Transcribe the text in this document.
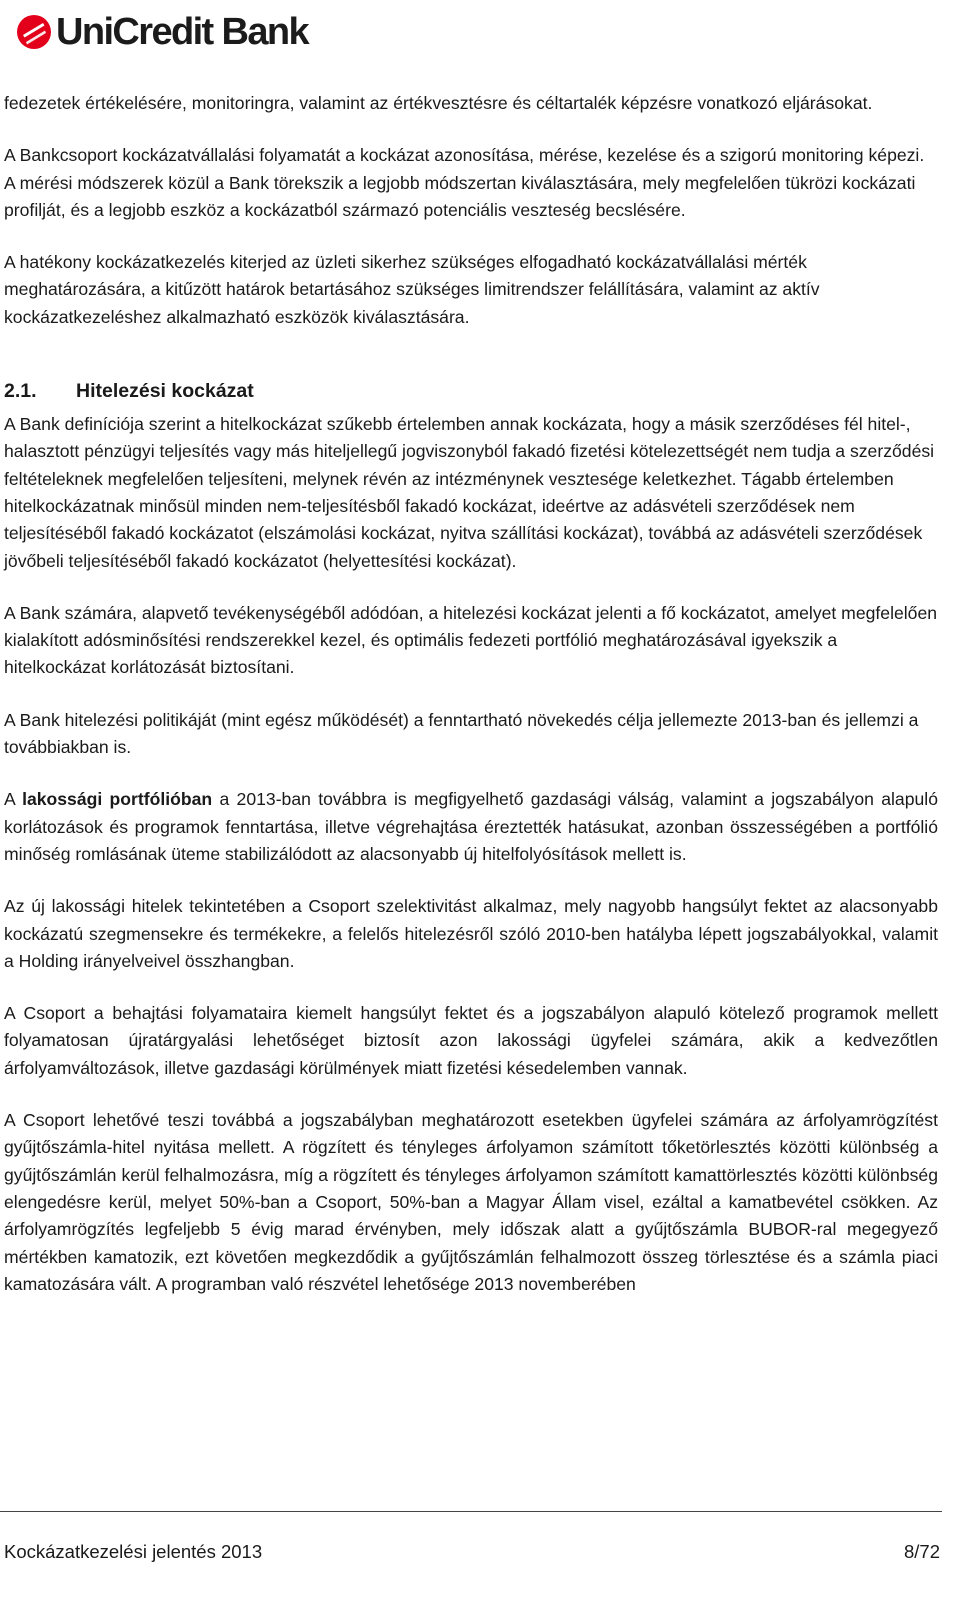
UniCredit Bank

fedezetek értékelésére, monitoringra, valamint az értékvesztésre és céltartalék képzésre vonatkozó eljárásokat.

A Bankcsoport kockázatvállalási folyamatát a kockázat azonosítása, mérése, kezelése és a szigorú monitoring képezi. A mérési módszerek közül a Bank törekszik a legjobb módszertan kiválasztására, mely megfelelően tükrözi kockázati profilját, és a legjobb eszköz a kockázatból származó potenciális veszteség becslésére.

A hatékony kockázatkezelés kiterjed az üzleti sikerhez szükséges elfogadható kockázatvállalási mérték meghatározására, a kitűzött határok betartásához szükséges limitrendszer felállítására, valamint az aktív kockázatkezeléshez alkalmazható eszközök kiválasztására.

2.1. Hitelezési kockázat

A Bank definíciója szerint a hitelkockázat szűkebb értelemben annak kockázata, hogy a másik szerződéses fél hitel-, halasztott pénzügyi teljesítés vagy más hiteljellegű jogviszonyból fakadó fizetési kötelezettségét nem tudja a szerződési feltételeknek megfelelően teljesíteni, melynek révén az intézménynek vesztesége keletkezhet. Tágabb értelemben hitelkockázatnak minősül minden nem-teljesítésből fakadó kockázat, ideértve az adásvételi szerződések nem teljesítéséből fakadó kockázatot (elszámolási kockázat, nyitva szállítási kockázat), továbbá az adásvételi szerződések jövőbeli teljesítéséből fakadó kockázatot (helyettesítési kockázat).

A Bank számára, alapvető tevékenységéből adódóan, a hitelezési kockázat jelenti a fő kockázatot, amelyet megfelelően kialakított adósminősítési rendszerekkel kezel, és optimális fedezeti portfólió meghatározásával igyekszik a hitelkockázat korlátozását biztosítani.

A Bank hitelezési politikáját (mint egész működését) a fenntartható növekedés célja jellemezte 2013-ban és jellemzi a továbbiakban is.

A lakossági portfólióban a 2013-ban továbbra is megfigyelhető gazdasági válság, valamint a jogszabályon alapuló korlátozások és programok fenntartása, illetve végrehajtása éreztették hatásukat, azonban összességében a portfólió minőség romlásának üteme stabilizálódott az alacsonyabb új hitelfolyósítások mellett is.

Az új lakossági hitelek tekintetében a Csoport szelektivitást alkalmaz, mely nagyobb hangsúlyt fektet az alacsonyabb kockázatú szegmensekre és termékekre, a felelős hitelezésről szóló 2010-ben hatályba lépett jogszabályokkal, valamit a Holding irányelveivel összhangban.

A Csoport a behajtási folyamataira kiemelt hangsúlyt fektet és a jogszabályon alapuló kötelező programok mellett folyamatosan újratárgyalási lehetőséget biztosít azon lakossági ügyfelei számára, akik a kedvezőtlen árfolyamváltozások, illetve gazdasági körülmények miatt fizetési késedelemben vannak.

A Csoport lehetővé teszi továbbá a jogszabályban meghatározott esetekben ügyfelei számára az árfolyamrögzítést gyűjtőszámla-hitel nyitása mellett. A rögzített és tényleges árfolyamon számított tőketörlesztés közötti különbség a gyűjtőszámlán kerül felhalmozásra, míg a rögzített és tényleges árfolyamon számított kamattörlesztés közötti különbség elengedésre kerül, melyet 50%-ban a Csoport, 50%-ban a Magyar Állam visel, ezáltal a kamatbevétel csökken. Az árfolyamrögzítés legfeljebb 5 évig marad érvényben, mely időszak alatt a gyűjtőszámla BUBOR-ral megegyező mértékben kamatozik, ezt követően megkezdődik a gyűjtőszámlán felhalmozott összeg törlesztése és a számla piaci kamatozására vált. A programban való részvétel lehetősége 2013 novemberében

Kockázatkezelési jelentés 2013	8/72
